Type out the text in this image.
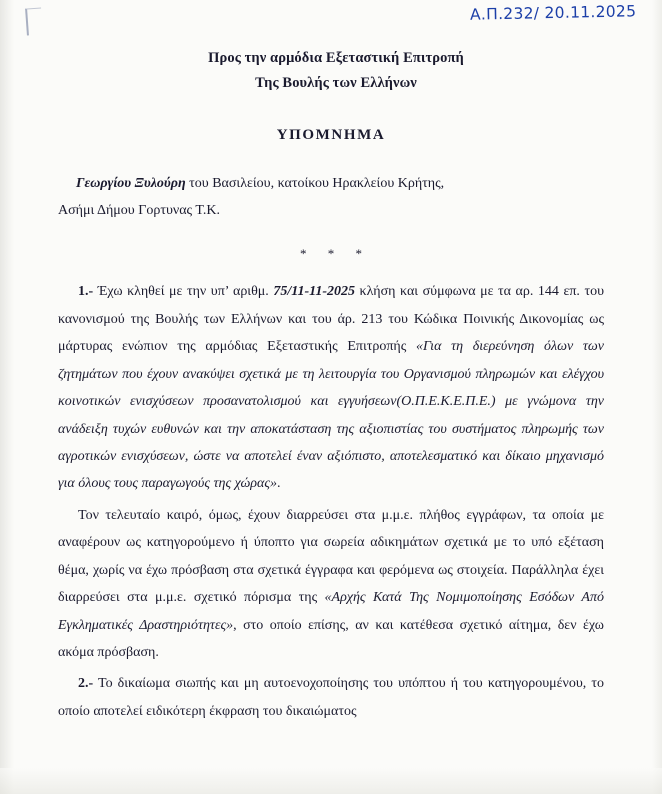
Α.Π.232/ 20.11.2025
Προς την αρμόδια Εξεταστική Επιτροπή
Της Βουλής των Ελλήνων
ΥΠΟΜΝΗΜΑ
Γεωργίου Ξυλούρη του Βασιλείου, κατοίκου Ηρακλείου Κρήτης,
Ασήμι Δήμου Γορτυνας Τ.Κ.
* * *

1.- Έχω κληθεί με την υπ’ αριθμ. 75/11-11-2025 κλήση και σύμφωνα με τα αρ. 144 επ. του κανονισμού της Βουλής των Ελλήνων και του άρ. 213 του Κώδικα Ποινικής Δικονομίας ως μάρτυρας ενώπιον της αρμόδιας Εξεταστικής Επιτροπής «Για τη διερεύνηση όλων των ζητημάτων που έχουν ανακύψει σχετικά με τη λειτουργία του Οργανισμού πληρωμών και ελέγχου κοινοτικών ενισχύσεων προσανατολισμού και εγγυήσεων(Ο.Π.Ε.Κ.Ε.Π.Ε.) με γνώμονα την ανάδειξη τυχών ευθυνών και την αποκατάσταση της αξιοπιστίας του συστήματος πληρωμής των αγροτικών ενισχύσεων, ώστε να αποτελεί έναν αξιόπιστο, αποτελεσματικό και δίκαιο μηχανισμό για όλους τους παραγωγούς της χώρας».

Τον τελευταίο καιρό, όμως, έχουν διαρρεύσει στα μ.μ.ε. πλήθος εγγράφων, τα οποία με αναφέρουν ως κατηγορούμενο ή ύποπτο για σωρεία αδικημάτων σχετικά με το υπό εξέταση θέμα, χωρίς να έχω πρόσβαση στα σχετικά έγγραφα και φερόμενα ως στοιχεία. Παράλληλα έχει διαρρεύσει στα μ.μ.ε. σχετικό πόρισμα της «Αρχής Κατά Της Νομιμοποίησης Εσόδων Από Εγκληματικές Δραστηριότητες», στο οποίο επίσης, αν και κατέθεσα σχετικό αίτημα, δεν έχω ακόμα πρόσβαση.

2.- Το δικαίωμα σιωπής και μη αυτοενοχοποίησης του υπόπτου ή του κατηγορουμένου, το οποίο αποτελεί ειδικότερη έκφραση του δικαιώματος
